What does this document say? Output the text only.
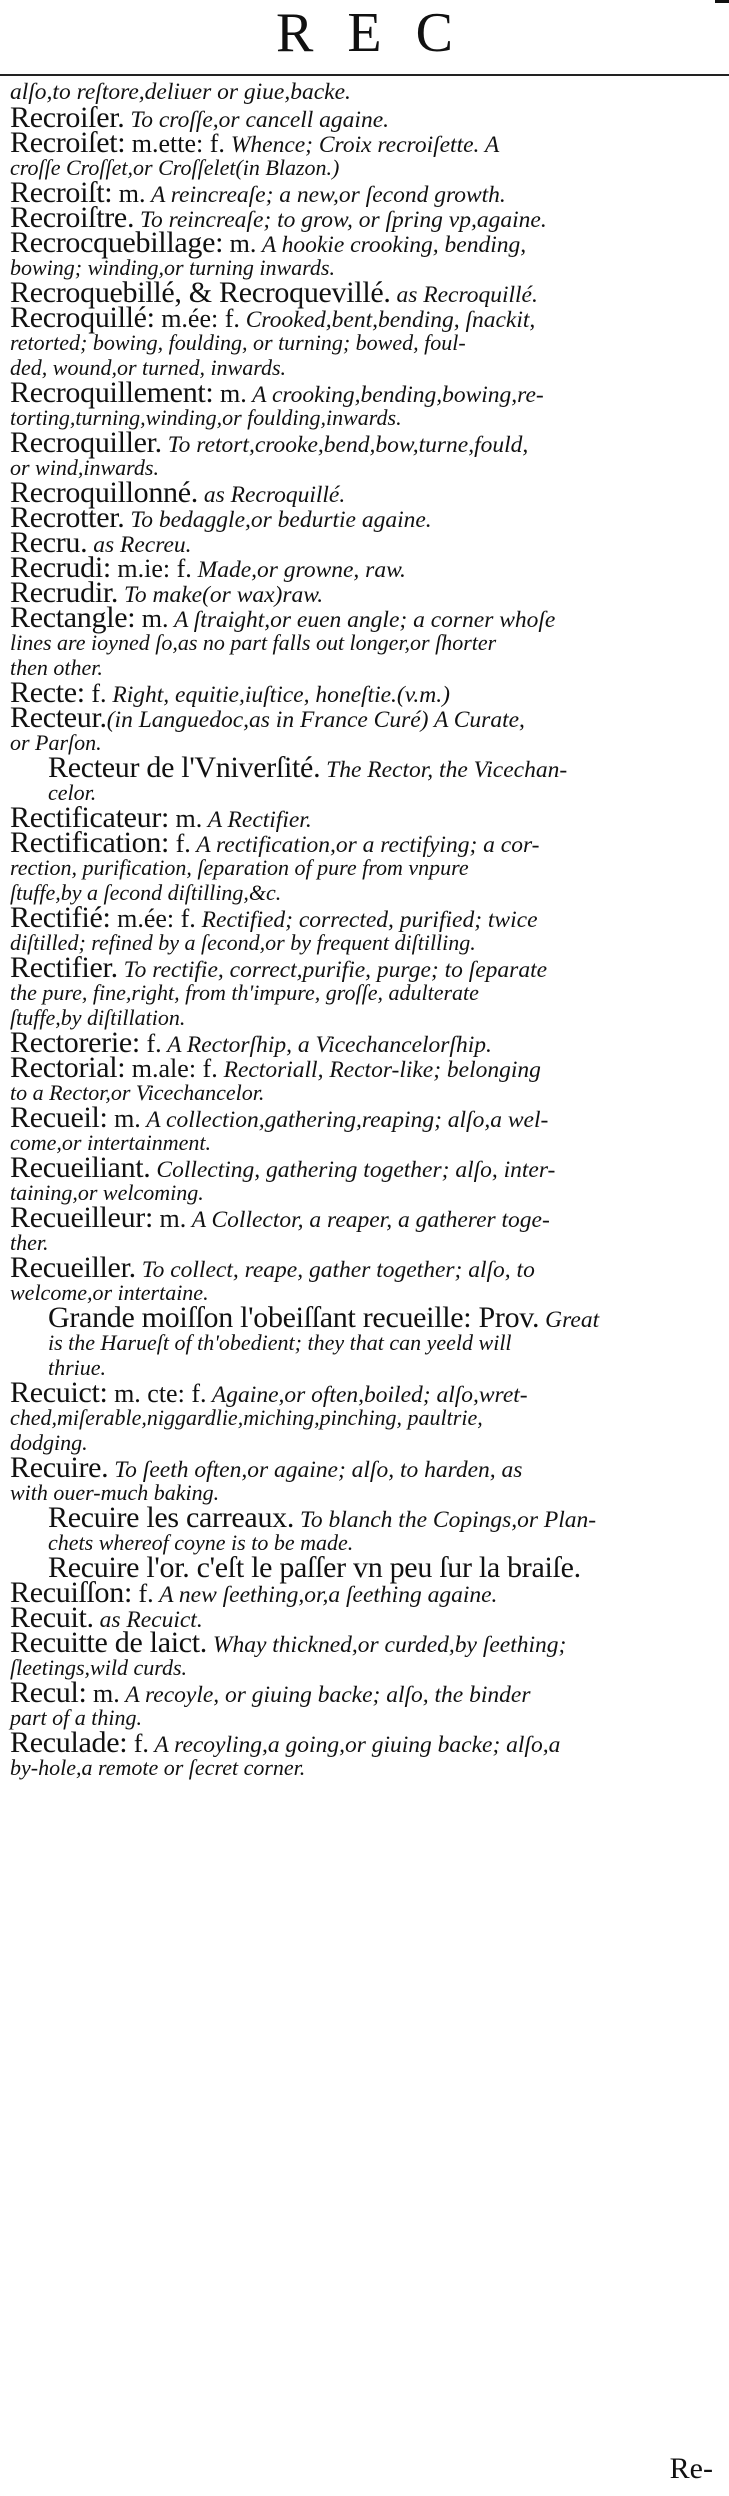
REC
alſo,to reſtore,deliuer or giue,backe.
Recroiſer. To croſſe,or cancell againe.
Recroiſet: m.ette: f. Whence; Croix recroiſette. A
croſſe Croſſet,or Croſſelet(in Blazon.)
Recroiſt: m. A reincreaſe; a new,or ſecond growth.
Recroiſtre. To reincreaſe; to grow, or ſpring vp,againe.
Recrocquebillage: m. A hookie crooking, bending,
bowing; winding,or turning inwards.
Recroquebillé, & Recroquevillé. as Recroquillé.
Recroquillé: m.ée: f. Crooked,bent,bending, ſnackit,
retorted; bowing, foulding, or turning; bowed, foul-
ded, wound,or turned, inwards.
Recroquillement: m. A crooking,bending,bowing,re-
torting,turning,winding,or foulding,inwards.
Recroquiller. To retort,crooke,bend,bow,turne,fould,
or wind,inwards.
Recroquillonné. as Recroquillé.
Recrotter. To bedaggle,or bedurtie againe.
Recru. as Recreu.
Recrudi: m.ie: f. Made,or growne, raw.
Recrudir. To make(or wax)raw.
Rectangle: m. A ſtraight,or euen angle; a corner whoſe
lines are ioyned ſo,as no part falls out longer,or ſhorter
then other.
Recte: f. Right, equitie,iuſtice, honeſtie.(v.m.)
Recteur.(in Languedoc,as in France Curé) A Curate,
or Parſon.
Recteur de l'Vniverſité. The Rector, the Vicechan-
celor.
Rectificateur: m. A Rectifier.
Rectification: f. A rectification,or a rectifying; a cor-
rection, purification, ſeparation of pure from vnpure
ſtuffe,by a ſecond diſtilling,&c.
Rectifié: m.ée: f. Rectified; corrected, purified; twice
diſtilled; refined by a ſecond,or by frequent diſtilling.
Rectifier. To rectifie, correct,purifie, purge; to ſeparate
the pure, fine,right, from th'impure, groſſe, adulterate
ſtuffe,by diſtillation.
Rectorerie: f. A Rectorſhip, a Vicechancelorſhip.
Rectorial: m.ale: f. Rectoriall, Rector-like; belonging
to a Rector,or Vicechancelor.
Recueil: m. A collection,gathering,reaping; alſo,a wel-
come,or intertainment.
Recueiliant. Collecting, gathering together; alſo, inter-
taining,or welcoming.
Recueilleur: m. A Collector, a reaper, a gatherer toge-
ther.
Recueiller. To collect, reape, gather together; alſo, to
welcome,or intertaine.
Grande moiſſon l'obeiſſant recueille: Prov. Great
is the Harueſt of th'obedient; they that can yeeld will
thriue.
Recuict: m. cte: f. Againe,or often,boiled; alſo,wret-
ched,miſerable,niggardlie,miching,pinching, paultrie,
dodging.
Recuire. To ſeeth often,or againe; alſo, to harden, as
with ouer-much baking.
Recuire les carreaux. To blanch the Copings,or Plan-
chets whereof coyne is to be made.
Recuire l'or. c'eſt le paſſer vn peu ſur la braiſe.
Recuiſſon: f. A new ſeething,or,a ſeething againe.
Recuit. as Recuict.
Recuitte de laict. Whay thickned,or curded,by ſeething;
ſleetings,wild curds.
Recul: m. A recoyle, or giuing backe; alſo, the binder
part of a thing.
Reculade: f. A recoyling,a going,or giuing backe; alſo,a
by-hole,a remote or ſecret corner.
Re-
